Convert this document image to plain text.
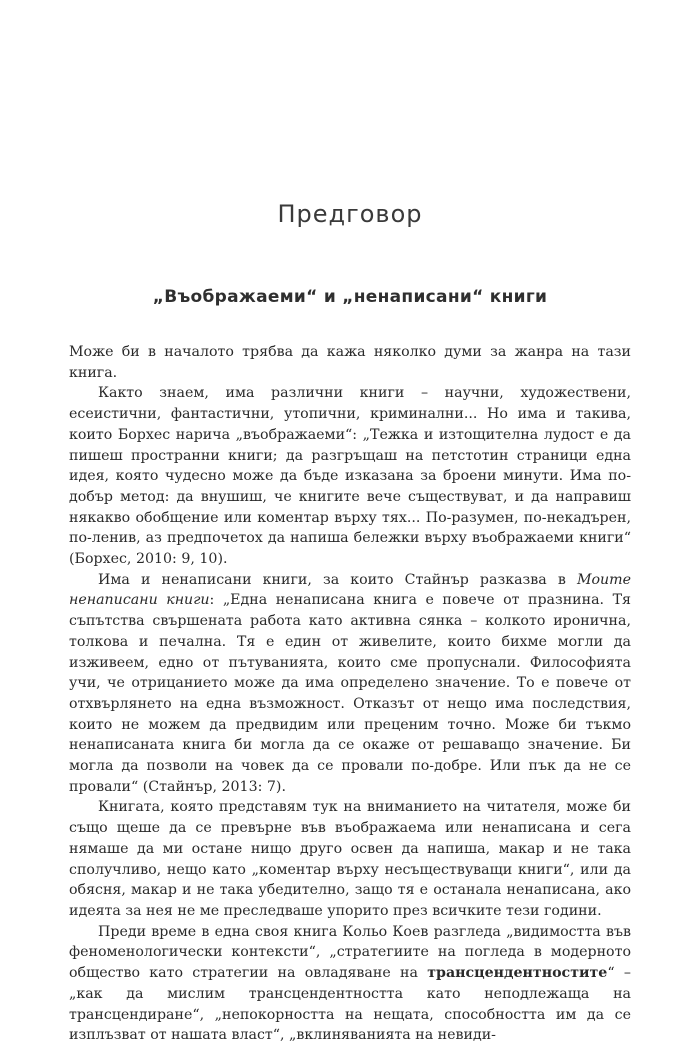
Предговор
„Въображаеми“ и „ненаписани“ книги

Може би в началото трябва да кажа няколко думи за жанра на тази книга.

Както знаем, има различни книги – научни, художествени, есеистични, фантастични, утопични, криминални... Но има и такива, които Борхес нарича „въображаеми“: „Тежка и изтощителна лудост е да пишеш пространни книги; да разгръщаш на петстотин страници една идея, която чудесно може да бъде изказана за броени минути. Има по-добър метод: да внушиш, че книгите вече съществуват, и да направиш някакво обобщение или коментар върху тях... По-разумен, по-некадърен, по-ленив, аз предпочетох да напиша бележки върху въображаеми книги“ (Борхес, 2010: 9, 10).

Има и ненаписани книги, за които Стайнър разказва в Моите ненаписани книги: „Една ненаписана книга е повече от празнина. Тя съпътства свършената работа като активна сянка – колкото иронична, толкова и печална. Тя е един от живелите, които бихме могли да изживеем, едно от пътуванията, които сме пропуснали. Философията учи, че отрицанието може да има определено значение. То е повече от отхвърлянето на една възможност. Отказът от нещо има последствия, които не можем да предвидим или преценим точно. Може би тъкмо ненаписаната книга би могла да се окаже от решаващо значение. Би могла да позволи на човек да се провали по-добре. Или пък да не се провали“ (Стайнър, 2013: 7).

Книгата, която представям тук на вниманието на читателя, може би също щеше да се превърне във въображаема или ненаписана и сега нямаше да ми остане нищо друго освен да напиша, макар и не така сполучливо, нещо като „коментар върху несъществуващи книги“, или да обясня, макар и не така убедително, защо тя е останала ненаписана, ако идеята за нея не ме преследваше упорито през всичките тези години.

Преди време в една своя книга Кольо Коев разгледа „видимостта във феноменологически контексти“, „стратегиите на погледа в модерното общество като стратегии на овладяване на трансцендентностите“ – „как да мислим трансцендентността като неподлежаща на трансцендиране“, „непокорността на нещата, способността им да се изплъзват от нашата власт“, „вклиняванията на невиди-
